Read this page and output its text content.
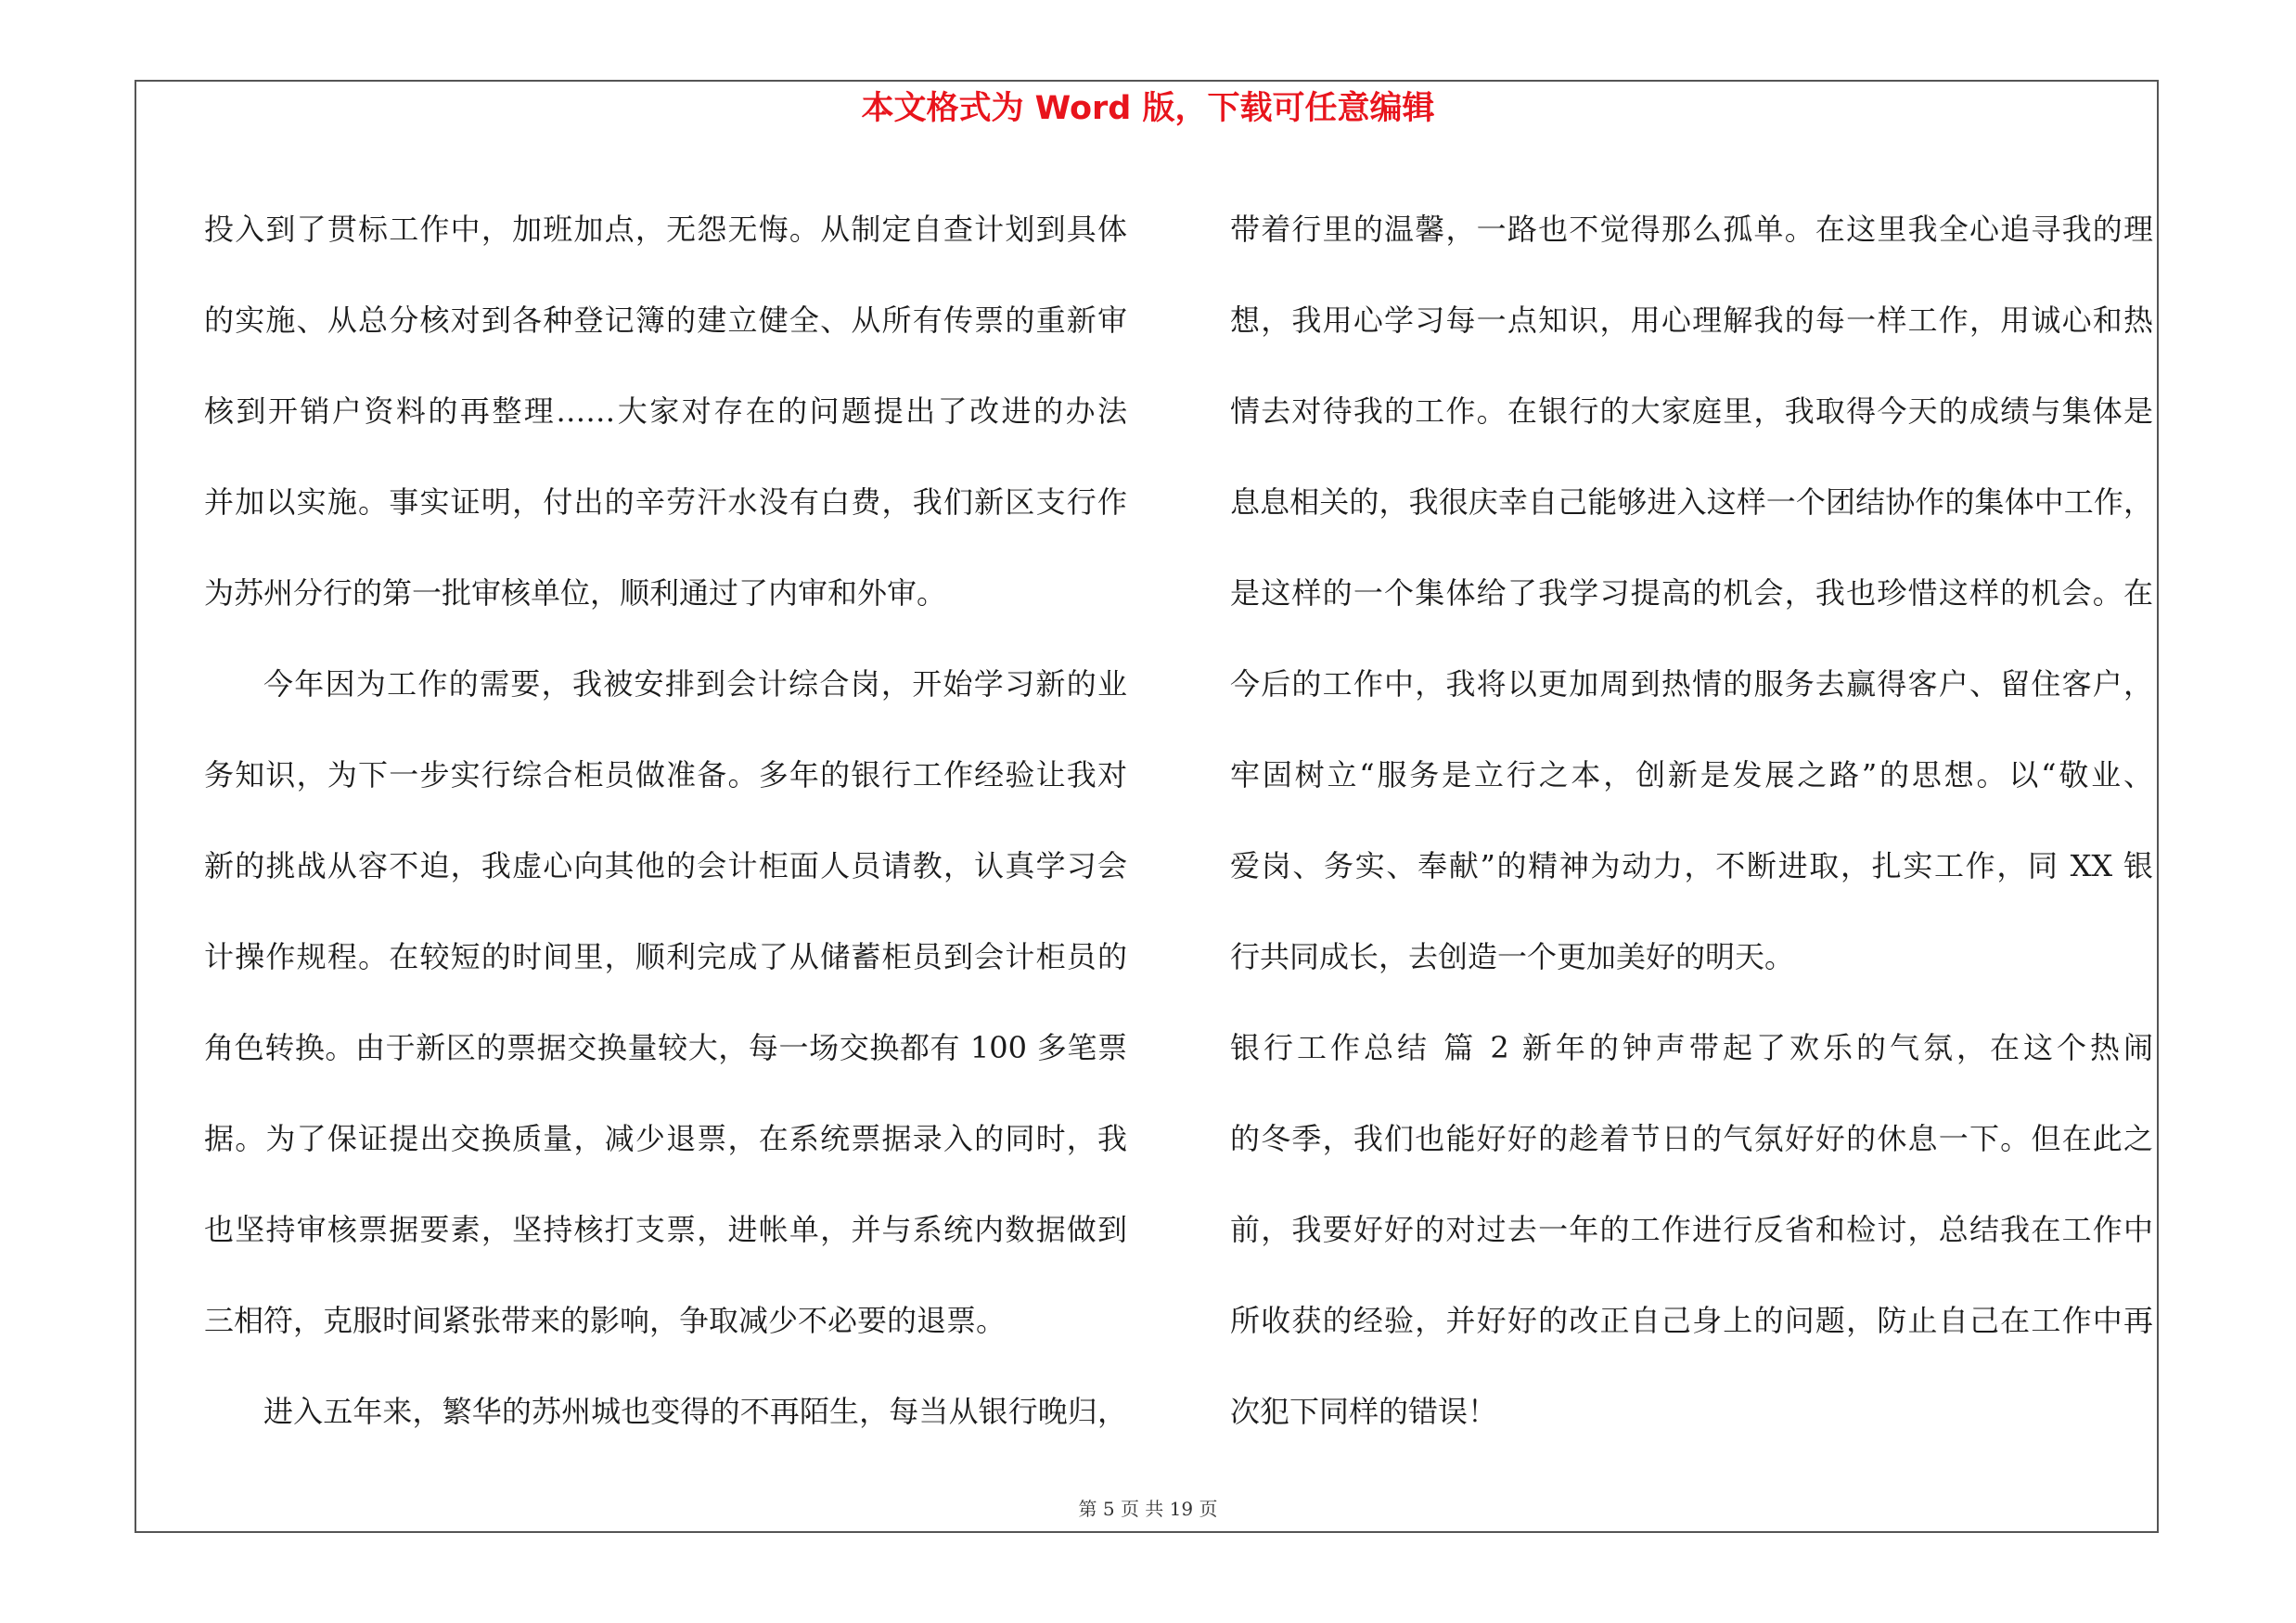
本文格式为 Word 版，下载可任意编辑
投入到了贯标工作中，加班加点，无怨无悔。从制定自查计划到具体
的实施、从总分核对到各种登记簿的建立健全、从所有传票的重新审
核到开销户资料的再整理……大家对存在的问题提出了改进的办法
并加以实施。事实证明，付出的辛劳汗水没有白费，我们新区支行作
为苏州分行的第一批审核单位，顺利通过了内审和外审。
今年因为工作的需要，我被安排到会计综合岗，开始学习新的业
务知识，为下一步实行综合柜员做准备。多年的银行工作经验让我对
新的挑战从容不迫，我虚心向其他的会计柜面人员请教，认真学习会
计操作规程。在较短的时间里，顺利完成了从储蓄柜员到会计柜员的
角色转换。由于新区的票据交换量较大，每一场交换都有 100 多笔票
据。为了保证提出交换质量，减少退票，在系统票据录入的同时，我
也坚持审核票据要素，坚持核打支票，进帐单，并与系统内数据做到
三相符，克服时间紧张带来的影响，争取减少不必要的退票。
进入五年来，繁华的苏州城也变得的不再陌生，每当从银行晚归，
带着行里的温馨，一路也不觉得那么孤单。在这里我全心追寻我的理
想，我用心学习每一点知识，用心理解我的每一样工作，用诚心和热
情去对待我的工作。在银行的大家庭里，我取得今天的成绩与集体是
息息相关的，我很庆幸自己能够进入这样一个团结协作的集体中工作，
是这样的一个集体给了我学习提高的机会，我也珍惜这样的机会。在
今后的工作中，我将以更加周到热情的服务去赢得客户、留住客户，
牢固树立“服务是立行之本，创新是发展之路”的思想。以“敬业、
爱岗、务实、奉献”的精神为动力，不断进取，扎实工作，同 XX 银
行共同成长，去创造一个更加美好的明天。
银行工作总结 篇 2 新年的钟声带起了欢乐的气氛，在这个热闹
的冬季，我们也能好好的趁着节日的气氛好好的休息一下。但在此之
前，我要好好的对过去一年的工作进行反省和检讨，总结我在工作中
所收获的经验，并好好的改正自己身上的问题，防止自己在工作中再
次犯下同样的错误！
第 5 页 共 19 页
